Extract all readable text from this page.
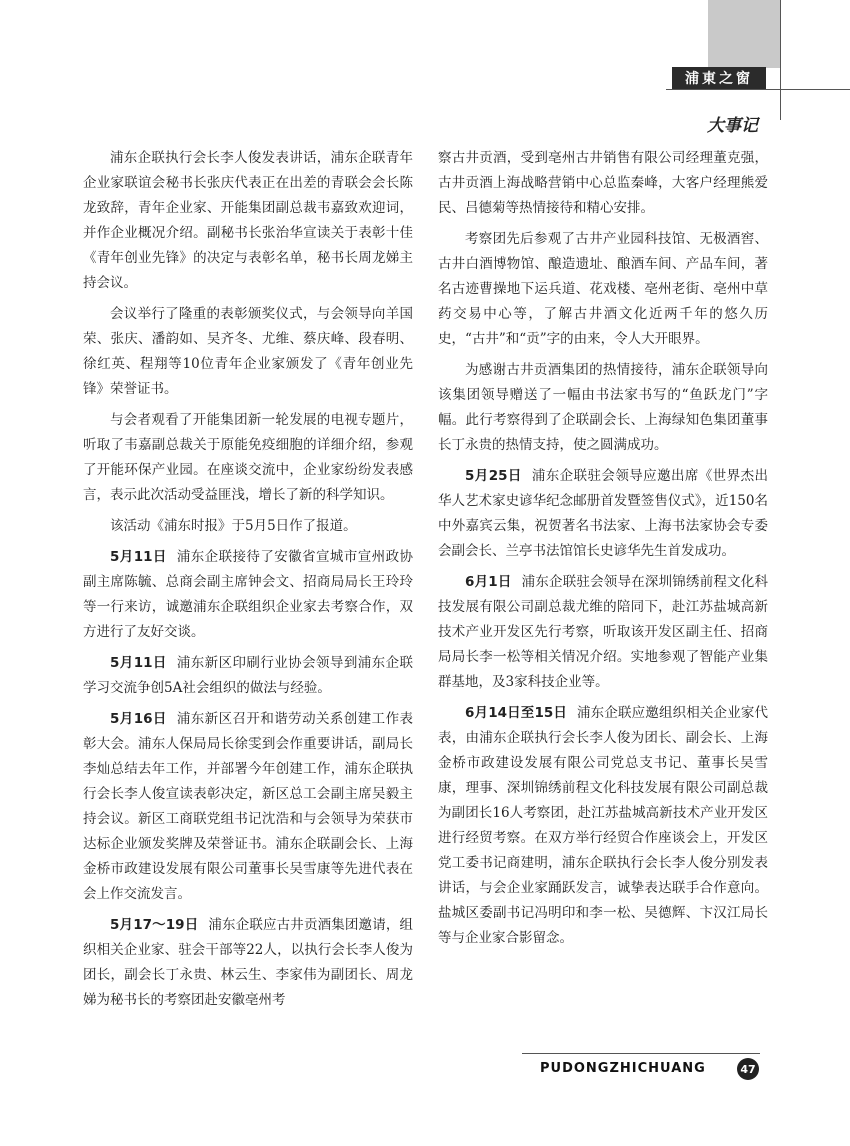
浦東之窗
大事记

浦东企联执行会长李人俊发表讲话，浦东企联青年企业家联谊会秘书长张庆代表正在出差的青联会会长陈龙致辞，青年企业家、开能集团副总裁韦嘉致欢迎词，并作企业概况介绍。副秘书长张治华宣读关于表彰十佳《青年创业先锋》的决定与表彰名单，秘书长周龙娣主持会议。

会议举行了隆重的表彰颁奖仪式，与会领导向羊国荣、张庆、潘韵如、吴齐冬、尤维、蔡庆峰、段春明、徐红英、程翔等10位青年企业家颁发了《青年创业先锋》荣誉证书。

与会者观看了开能集团新一轮发展的电视专题片，听取了韦嘉副总裁关于原能免疫细胞的详细介绍，参观了开能环保产业园。在座谈交流中，企业家纷纷发表感言，表示此次活动受益匪浅，增长了新的科学知识。

该活动《浦东时报》于5月5日作了报道。

5月11日 浦东企联接待了安徽省宣城市宣州政协副主席陈毓、总商会副主席钟会文、招商局局长王玲玲等一行来访，诚邀浦东企联组织企业家去考察合作，双方进行了友好交谈。

5月11日 浦东新区印刷行业协会领导到浦东企联学习交流争创5A社会组织的做法与经验。

5月16日 浦东新区召开和谐劳动关系创建工作表彰大会。浦东人保局局长徐雯到会作重要讲话，副局长李灿总结去年工作，并部署今年创建工作，浦东企联执行会长李人俊宣读表彰决定，新区总工会副主席吴毅主持会议。新区工商联党组书记沈浩和与会领导为荣获市达标企业颁发奖牌及荣誉证书。浦东企联副会长、上海金桥市政建设发展有限公司董事长吴雪康等先进代表在会上作交流发言。

5月17～19日 浦东企联应古井贡酒集团邀请，组织相关企业家、驻会干部等22人，以执行会长李人俊为团长，副会长丁永贵、林云生、李家伟为副团长、周龙娣为秘书长的考察团赴安徽亳州考

察古井贡酒，受到亳州古井销售有限公司经理董克强，古井贡酒上海战略营销中心总监秦峰，大客户经理熊爱民、吕德菊等热情接待和精心安排。

考察团先后参观了古井产业园科技馆、无极酒窖、古井白酒博物馆、酿造遗址、酿酒车间、产品车间，著名古迹曹操地下运兵道、花戏楼、亳州老街、亳州中草药交易中心等，了解古井酒文化近两千年的悠久历史，“古井”和“贡”字的由来，令人大开眼界。

为感谢古井贡酒集团的热情接待，浦东企联领导向该集团领导赠送了一幅由书法家书写的“鱼跃龙门”字幅。此行考察得到了企联副会长、上海绿知色集团董事长丁永贵的热情支持，使之圆满成功。

5月25日 浦东企联驻会领导应邀出席《世界杰出华人艺术家史谚华纪念邮册首发暨签售仪式》，近150名中外嘉宾云集，祝贺著名书法家、上海书法家协会专委会副会长、兰亭书法馆馆长史谚华先生首发成功。

6月1日 浦东企联驻会领导在深圳锦绣前程文化科技发展有限公司副总裁尤维的陪同下，赴江苏盐城高新技术产业开发区先行考察，听取该开发区副主任、招商局局长李一松等相关情况介绍。实地参观了智能产业集群基地，及3家科技企业等。

6月14日至15日 浦东企联应邀组织相关企业家代表，由浦东企联执行会长李人俊为团长、副会长、上海金桥市政建设发展有限公司党总支书记、董事长吴雪康，理事、深圳锦绣前程文化科技发展有限公司副总裁为副团长16人考察团，赴江苏盐城高新技术产业开发区进行经贸考察。在双方举行经贸合作座谈会上，开发区党工委书记商建明，浦东企联执行会长李人俊分别发表讲话，与会企业家踊跃发言，诚挚表达联手合作意向。盐城区委副书记冯明印和李一松、吴德辉、卞汉江局长等与企业家合影留念。

PUDONGZHICHUANG	47
